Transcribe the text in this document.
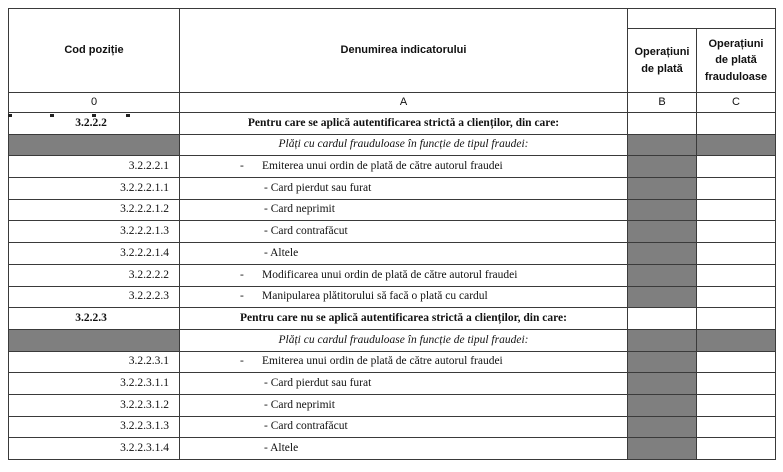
Cod poziție	Denumirea indicatorului		
		Operațiuni de plată	Operațiuni de plată frauduloase
0	A	B	C
3.2.2.2	Pentru care se aplică autentificarea strictă a clienților, din care:		
	Plăți cu cardul frauduloase în funcție de tipul fraudei:		
3.2.2.2.1	- Emiterea unui ordin de plată de către autorul fraudei		
3.2.2.2.1.1	- Card pierdut sau furat		
3.2.2.2.1.2	- Card neprimit		
3.2.2.2.1.3	- Card contrafăcut		
3.2.2.2.1.4	- Altele		
3.2.2.2.2	- Modificarea unui ordin de plată de către autorul fraudei		
3.2.2.2.3	- Manipularea plătitorului să facă o plată cu cardul		
3.2.2.3	Pentru care nu se aplică autentificarea strictă a clienților, din care:		
	Plăți cu cardul frauduloase în funcție de tipul fraudei:		
3.2.2.3.1	- Emiterea unui ordin de plată de către autorul fraudei		
3.2.2.3.1.1	- Card pierdut sau furat		
3.2.2.3.1.2	- Card neprimit		
3.2.2.3.1.3	- Card contrafăcut		
3.2.2.3.1.4	- Altele		
